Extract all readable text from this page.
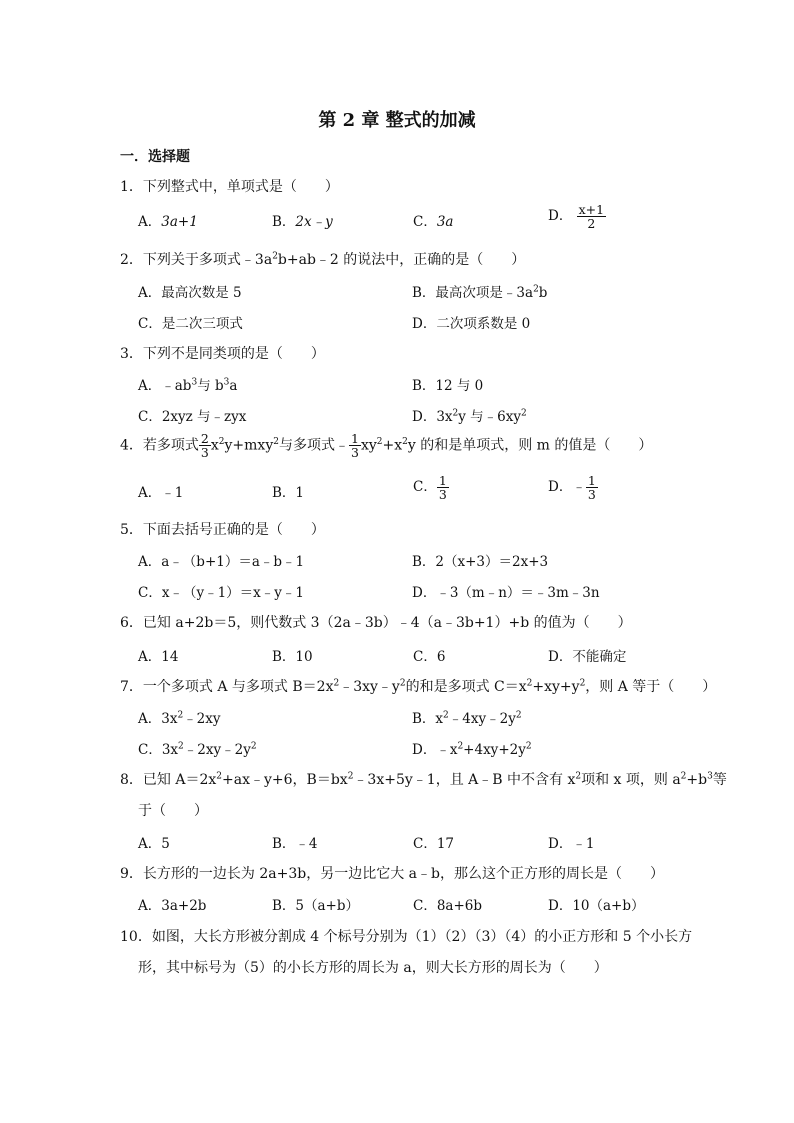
第 2 章 整式的加减
一．选择题
1．下列整式中，单项式是（　　）
A．3a+1	B．2x﹣y	C．3a	D． $\frac{x+1}{2}$
2．下列关于多项式$﹣3a^2b+ab﹣2$ 的说法中，正确的是（　　）
A．最高次数是 5	B．最高次项是$﹣3a^2b$
C．是二次三项式	D．二次项系数是 0
3．下列不是同类项的是（　　）
A．$﹣ab^3$与 $b^3a$	B．12 与 0
C．2xyz 与﹣zyx	D．$3x^2y$ 与$﹣6xy^2$
4．若多项式 $\frac{2}{3} x^2y+mxy^2$与多项式﹣ $\frac{1}{3} xy^2+x^2y$ 的和是单项式，则 m 的值是（　　）
A．﹣1	B．1	C． $\frac{1}{3}$	D．﹣ $\frac{1}{3}$
5．下面去括号正确的是（　　）
A．a﹣（b+1）＝a﹣b﹣1	B．2（x+3）＝2x+3
C．x﹣（y﹣1）＝x﹣y﹣1	D．﹣3（m﹣n）＝﹣3m﹣3n
6．已知 a+2b＝5，则代数式 3（2a﹣3b）﹣4（a﹣3b+1）+b 的值为（　　）
A．14	B．10	C．6	D．不能确定
7．一个多项式 A 与多项式 $B=2x^2﹣3xy﹣y^2$的和是多项式 $C=x^2+xy+y^2$，则 A 等于（　　）
A．$3x^2﹣2xy$	B．$x^2﹣4xy﹣2y^2$
C．$3x^2﹣2xy﹣2y^2$	D．$﹣x^2+4xy+2y^2$
8．已知 $A=2x^2+ax﹣y+6$，$B=bx^2﹣3x+5y﹣1$，且 A﹣B 中不含有 $x^2$项和 x 项，则 $a^2+b^3$等
于（　　）
A．5	B．﹣4	C．17	D．﹣1
9．长方形的一边长为 2a+3b，另一边比它大 a﹣b，那么这个正方形的周长是（　　）
A．3a+2b	B．5（a+b）	C．8a+6b	D．10（a+b）
10．如图，大长方形被分割成 4 个标号分别为（1）（2）（3）（4）的小正方形和 5 个小长方
形，其中标号为（5）的小长方形的周长为 a，则大长方形的周长为（　　）
